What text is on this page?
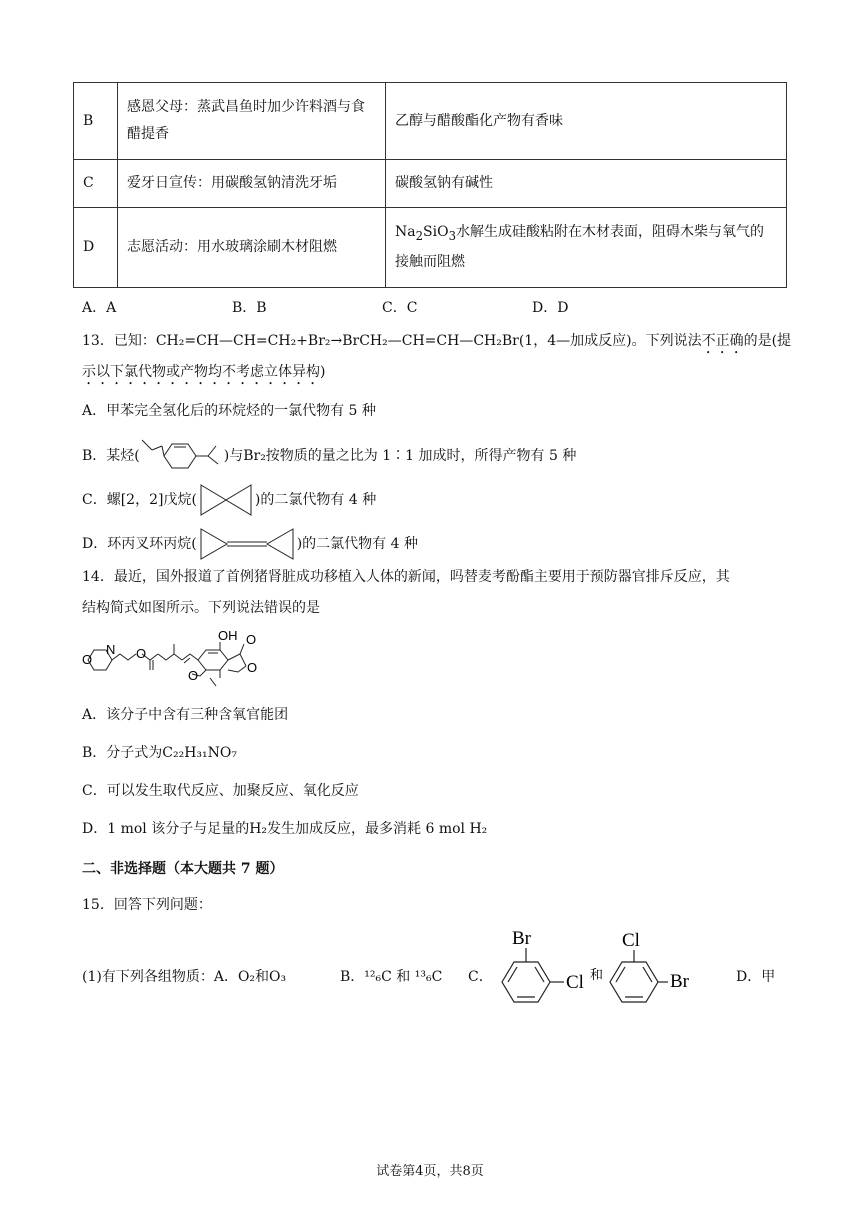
B	感恩父母：蒸武昌鱼时加少许料酒与食醋提香	乙醇与醋酸酯化产物有香味
C	爱牙日宣传：用碳酸氢钠清洗牙垢	碳酸氢钠有碱性
D	志愿活动：用水玻璃涂刷木材阻燃	$Na_2SiO_3$水解生成硅酸粘附在木材表面，阻碍木柴与氧气的接触而阻燃
A．A	B．B	C．C	D．D
13．已知：CH₂=CH—CH=CH₂+Br₂→BrCH₂—CH=CH—CH₂Br(1，4—加成反应)。下列说法不正确的是(提
示以下氯代物或产物均不考虑立体异构)
A．甲苯完全氢化后的环烷烃的一氯代物有 5 种
B．某烃(	)与Br₂按物质的量之比为 1∶1 加成时，所得产物有 5 种
C．螺[2，2]戊烷(	)的二氯代物有 4 种
D．环丙叉环丙烷(	)的二氯代物有 4 种
14．最近，国外报道了首例猪肾脏成功移植入人体的新闻，吗替麦考酚酯主要用于预防器官排斥反应，其
结构简式如图所示。下列说法错误的是
OH O
O
O
O
N
O
A．该分子中含有三种含氧官能团
B．分子式为C₂₂H₃₁NO₇
C．可以发生取代反应、加聚反应、氧化反应
D．1 mol 该分子与足量的H₂发生加成反应，最多消耗 6 mol H₂
二、非选择题（本大题共 7 题）
15．回答下列问题：
(1)有下列各组物质：A．O₂和O₃	B．¹²₆C 和 ¹³₆C C．
Br
Cl 和
Cl
Br	D．甲
试卷第4页，共8页
